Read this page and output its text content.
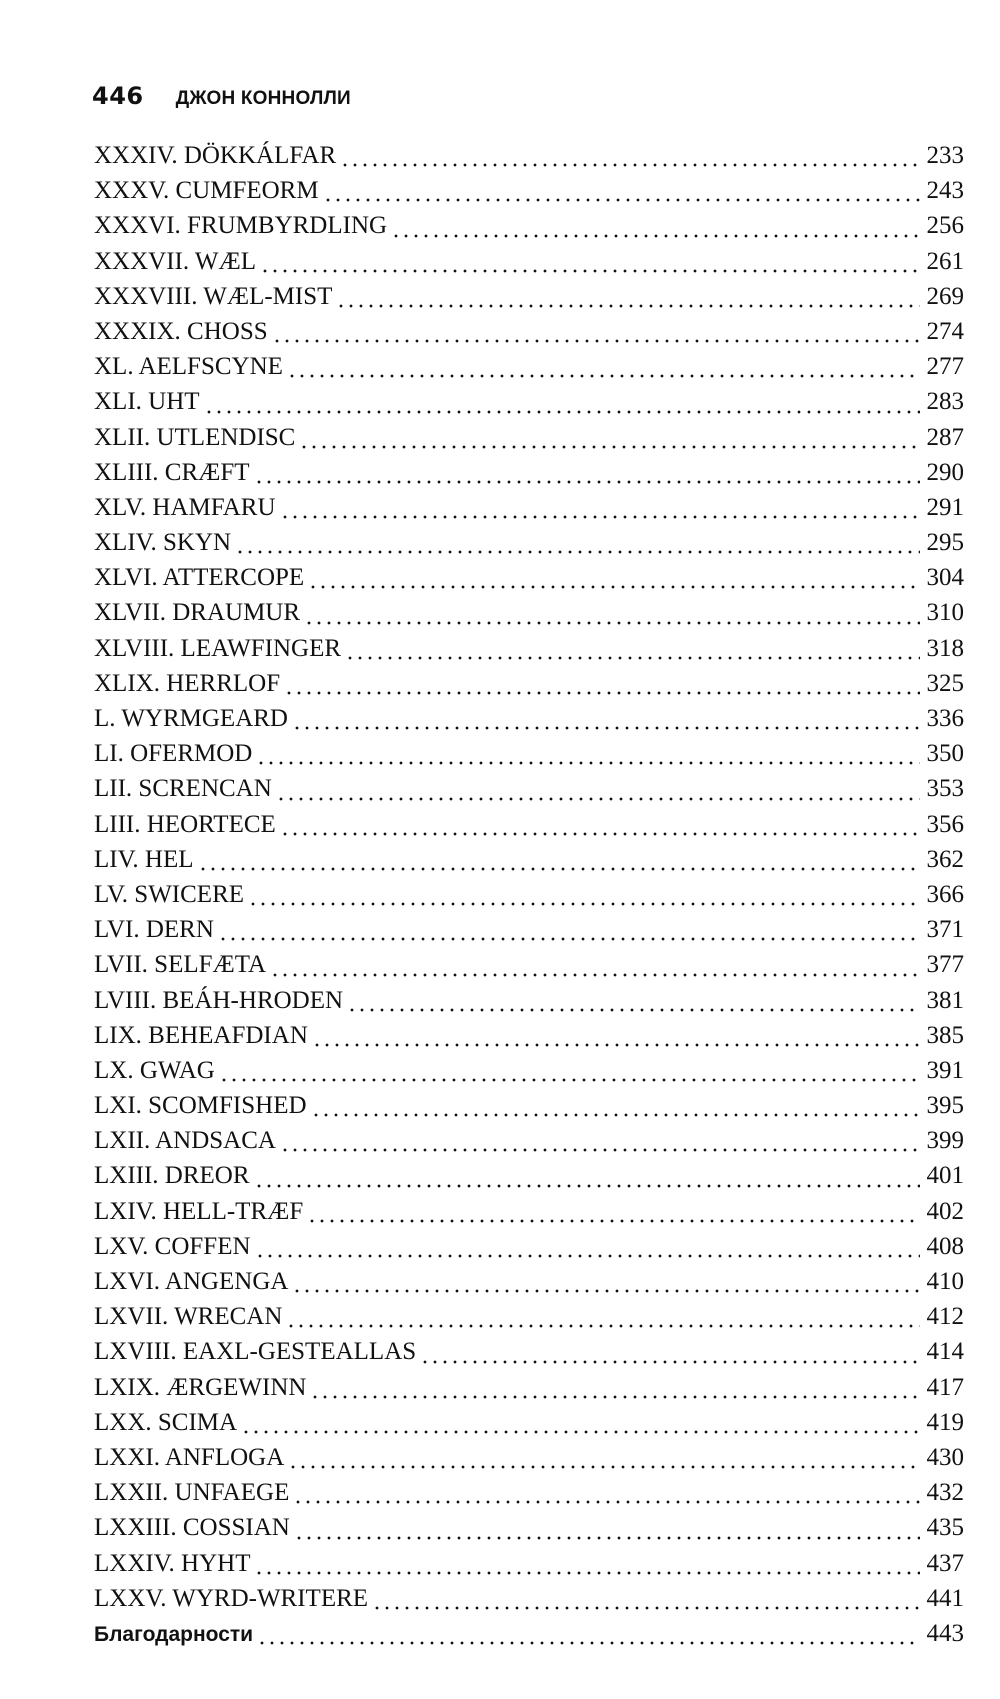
446 ДЖОН КОННОЛЛИ
XXXIV. DÖKKÁLFAR	233
XXXV. CUMFEORM	243
XXXVI. FRUMBYRDLING	256
XXXVII. WÆL	261
XXXVIII. WÆL-MIST	269
XXXIX. CHOSS	274
XL. AELFSCYNE	277
XLI. UHT	283
XLII. UTLENDISC	287
XLIII. CRÆFT	290
XLV. HAMFARU	291
XLIV. SKYN	295
XLVI. ATTERCOPE	304
XLVII. DRAUMUR	310
XLVIII. LEAWFINGER	318
XLIX. HERRLOF	325
L. WYRMGEARD	336
LI. OFERMOD	350
LII. SCRENCAN	353
LIII. HEORTECE	356
LIV. HEL	362
LV. SWICERE	366
LVI. DERN	371
LVII. SELFÆTA	377
LVIII. BEÁH-HRODEN	381
LIX. BEHEAFDIAN	385
LX. GWAG	391
LXI. SCOMFISHED	395
LXII. ANDSACA	399
LXIII. DREOR	401
LXIV. HELL-TRÆF	402
LXV. COFFEN	408
LXVI. ANGENGA	410
LXVII. WRECAN	412
LXVIII. EAXL-GESTEALLAS	414
LXIX. ÆRGEWINN	417
LXX. SCIMA	419
LXXI. ANFLOGA	430
LXXII. UNFAEGE	432
LXXIII. COSSIAN	435
LXXIV. HYHT	437
LXXV. WYRD-WRITERE	441
Благодарности	443
